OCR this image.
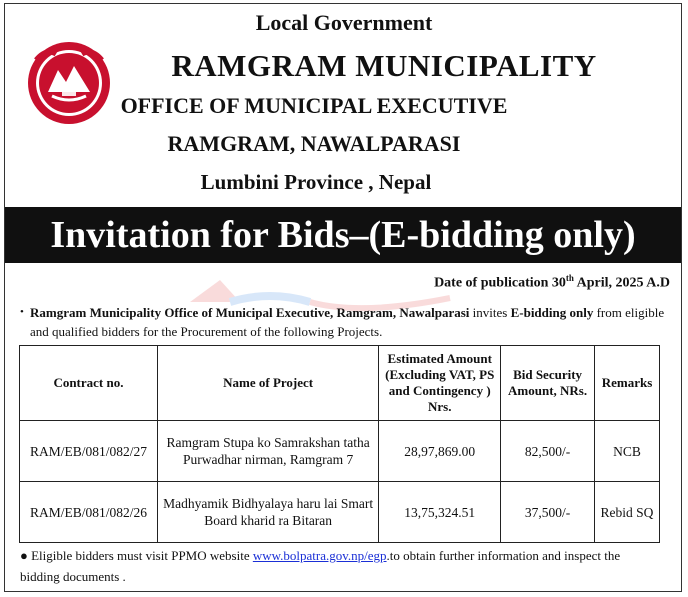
Local Government
RAMGRAM MUNICIPALITY
OFFICE OF MUNICIPAL EXECUTIVE
RAMGRAM, NAWALPARASI
Lumbini Province , Nepal
Invitation for Bids–(E-bidding only)
Date of publication 30th April, 2025 A.D
• Ramgram Municipality Office of Municipal Executive, Ramgram, Nawalparasi invites E-bidding only from eligible and qualified bidders for the Procurement of the following Projects.
Contract no.	Name of Project	Estimated Amount (Excluding VAT, PS and Contingency ) Nrs.	Bid Security Amount, NRs.	Remarks
RAM/EB/081/082/27	Ramgram Stupa ko Samrakshan tatha Purwadhar nirman, Ramgram 7	28,97,869.00	82,500/-	NCB
RAM/EB/081/082/26	Madhyamik Bidhyalaya haru lai Smart Board kharid ra Bitaran	13,75,324.51	37,500/-	Rebid SQ
● Eligible bidders must visit PPMO website www.bolpatra.gov.np/egp.to obtain further information and inspect the bidding documents .
